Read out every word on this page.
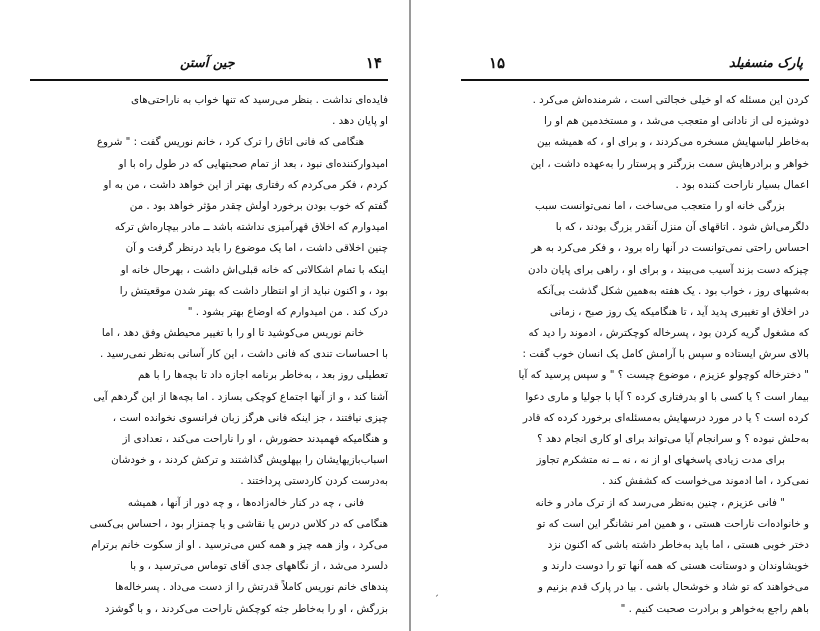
۱۴
جین آستن
فایده‌ای نداشت . بنظر می‌رسید که تنها خواب به ناراحتی‌های
او پایان دهد .
هنگامی که فانی اتاق را ترک کرد ، خانم نوریس گفت : " شروع
امیدوارکننده‌ای نبود ، بعد از تمام صحبتهایی که در طول راه با او
کردم ، فکر می‌کردم که رفتاری بهتر از این خواهد داشت ، من به او
گفتم که خوب بودن برخورد اولش چقدر مؤثر خواهد بود . من
امیدوارم که اخلاق قهرآمیزی نداشته باشد ــ مادر بیچاره‌اش ترکه
چنین اخلاقی داشت ، اما یک موضوع را باید درنظر گرفت و آن
اینکه با تمام اشکالاتی که خانه قبلی‌اش داشت ، بهرحال خانه او
بود ، و اکنون نباید از او انتظار داشت که بهتر شدن موقعیتش را
درک کند . من امیدوارم که اوضاع بهتر بشود . "
خانم نوریس می‌کوشید تا او را با تغییر محیطش وفق دهد ، اما
با احساسات تندی که فانی داشت ، این کار آسانی به‌نظر نمی‌رسید .
تعطیلی روز بعد ، به‌خاطر برنامه اجازه داد تا بچه‌ها را با هم
آشنا کند ، و از آنها اجتماع کوچکی بسازد . اما بچه‌ها از این گردهم آیی
چیزی نیافتند ، جز اینکه فانی هرگز زبان فرانسوی نخوانده است ،
و هنگامیکه فهمیدند حضورش ، او را ناراحت می‌کند ، تعدادی از
اسباب‌بازیهایشان را بپهلویش گذاشتند و ترکش کردند ، و خودشان
به‌درست کردن کاردستی پرداختند .
فانی ، چه در کنار خاله‌زاده‌ها ، و چه دور از آنها ، همیشه
هنگامی که در کلاس درس یا نقاشی و یا چمنزار بود ، احساس بی‌کسی
می‌کرد ، واز همه چیز و همه کس می‌ترسید . او از سکوت خانم برترام
دلسرد می‌شد ، از نگاههای جدی آقای توماس می‌ترسید ، و با
پندهای خانم نوریس کاملاً قدرتش را از دست می‌داد . پسرخاله‌ها
بزرگش ، او را به‌خاطر جثه کوچکش ناراحت می‌کردند ، و با گوشزد
۱۵	پارک منسفیلد
کردن این مسئله که او خیلی خجالتی است ، شرمنده‌اش می‌کرد .
دوشیزه لی از نادانی او متعجب می‌شد ، و مستخدمین هم او را
به‌خاطر لباسهایش مسخره می‌کردند ، و برای او ، که همیشه بین
خواهر و برادرهایش سمت بزرگتر و پرستار را به‌عهده داشت ، این
اعمال بسیار ناراحت کننده بود .
بزرگی خانه او را متعجب می‌ساخت ، اما نمی‌توانست سبب
دلگرمی‌اش شود . اتاقهای آن منزل آنقدر بزرگ بودند ، که با
احساس راحتی نمی‌توانست در آنها راه برود ، و فکر می‌کرد به هر
چیزکه دست بزند آسیب می‌بیند ، و برای او ، راهی برای پایان دادن
به‌شبهای روز ، خواب بود . یک هفته به‌همین شکل گذشت بی‌آنکه
در اخلاق او تغییری پدید آید ، تا هنگامیکه یک روز صبح ، زمانی
که مشغول گریه کردن بود ، پسرخاله کوچکترش ، ادموند را دید که
بالای سرش ایستاده و سپس با آرامش کامل یک انسان خوب گفت :
" دخترخاله کوچولو عزیزم ، موضوع چیست ؟ " و سپس پرسید که آیا
بیمار است ؟ یا کسی با او بدرفتاری کرده ؟ آیا با جولیا و ماری دعوا
کرده است ؟ یا در مورد درسهایش به‌مسئله‌ای برخورد کرده که قادر
به‌حلش نبوده ؟ و سرانجام آیا می‌تواند برای او کاری انجام دهد ؟
برای مدت زیادی پاسخهای او از نه ، نه ــ نه متشکرم تجاوز
نمی‌کرد ، اما ادموند می‌خواست که کشفش کند .
" فانی عزیزم ، چنین به‌نظر می‌رسد که از ترک مادر و خانه
و خانواده‌ات ناراحت هستی ، و همین امر نشانگر این است که تو
دختر خوبی هستی ، اما باید به‌خاطر داشته باشی که اکنون نزد
خویشاوندان و دوستانت هستی که همه آنها تو را دوست دارند و
می‌خواهند که تو شاد و خوشحال باشی . بیا در پارک قدم بزنیم و
باهم راجع به‌خواهر و برادرت صحبت کنیم . "
ˏ
